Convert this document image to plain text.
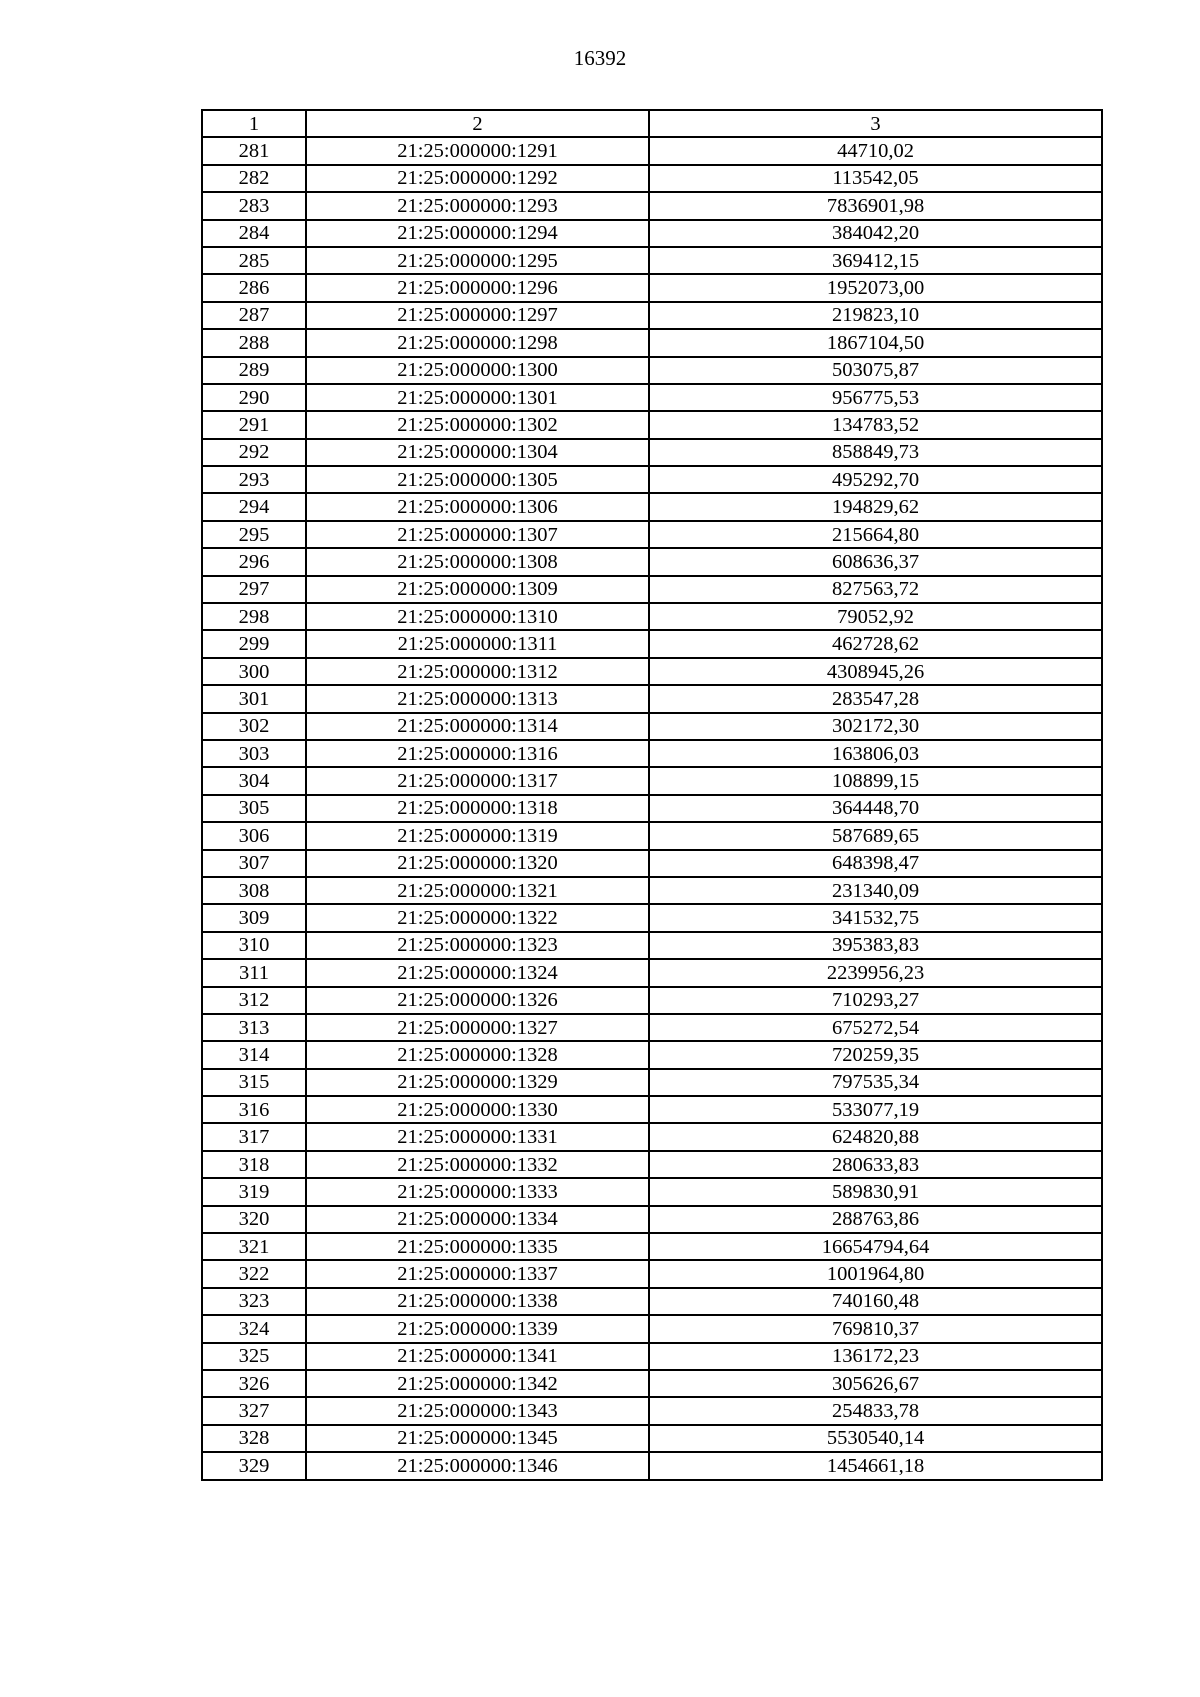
16392
1	2	3
281	21:25:000000:1291	44710,02
282	21:25:000000:1292	113542,05
283	21:25:000000:1293	7836901,98
284	21:25:000000:1294	384042,20
285	21:25:000000:1295	369412,15
286	21:25:000000:1296	1952073,00
287	21:25:000000:1297	219823,10
288	21:25:000000:1298	1867104,50
289	21:25:000000:1300	503075,87
290	21:25:000000:1301	956775,53
291	21:25:000000:1302	134783,52
292	21:25:000000:1304	858849,73
293	21:25:000000:1305	495292,70
294	21:25:000000:1306	194829,62
295	21:25:000000:1307	215664,80
296	21:25:000000:1308	608636,37
297	21:25:000000:1309	827563,72
298	21:25:000000:1310	79052,92
299	21:25:000000:1311	462728,62
300	21:25:000000:1312	4308945,26
301	21:25:000000:1313	283547,28
302	21:25:000000:1314	302172,30
303	21:25:000000:1316	163806,03
304	21:25:000000:1317	108899,15
305	21:25:000000:1318	364448,70
306	21:25:000000:1319	587689,65
307	21:25:000000:1320	648398,47
308	21:25:000000:1321	231340,09
309	21:25:000000:1322	341532,75
310	21:25:000000:1323	395383,83
311	21:25:000000:1324	2239956,23
312	21:25:000000:1326	710293,27
313	21:25:000000:1327	675272,54
314	21:25:000000:1328	720259,35
315	21:25:000000:1329	797535,34
316	21:25:000000:1330	533077,19
317	21:25:000000:1331	624820,88
318	21:25:000000:1332	280633,83
319	21:25:000000:1333	589830,91
320	21:25:000000:1334	288763,86
321	21:25:000000:1335	16654794,64
322	21:25:000000:1337	1001964,80
323	21:25:000000:1338	740160,48
324	21:25:000000:1339	769810,37
325	21:25:000000:1341	136172,23
326	21:25:000000:1342	305626,67
327	21:25:000000:1343	254833,78
328	21:25:000000:1345	5530540,14
329	21:25:000000:1346	1454661,18
